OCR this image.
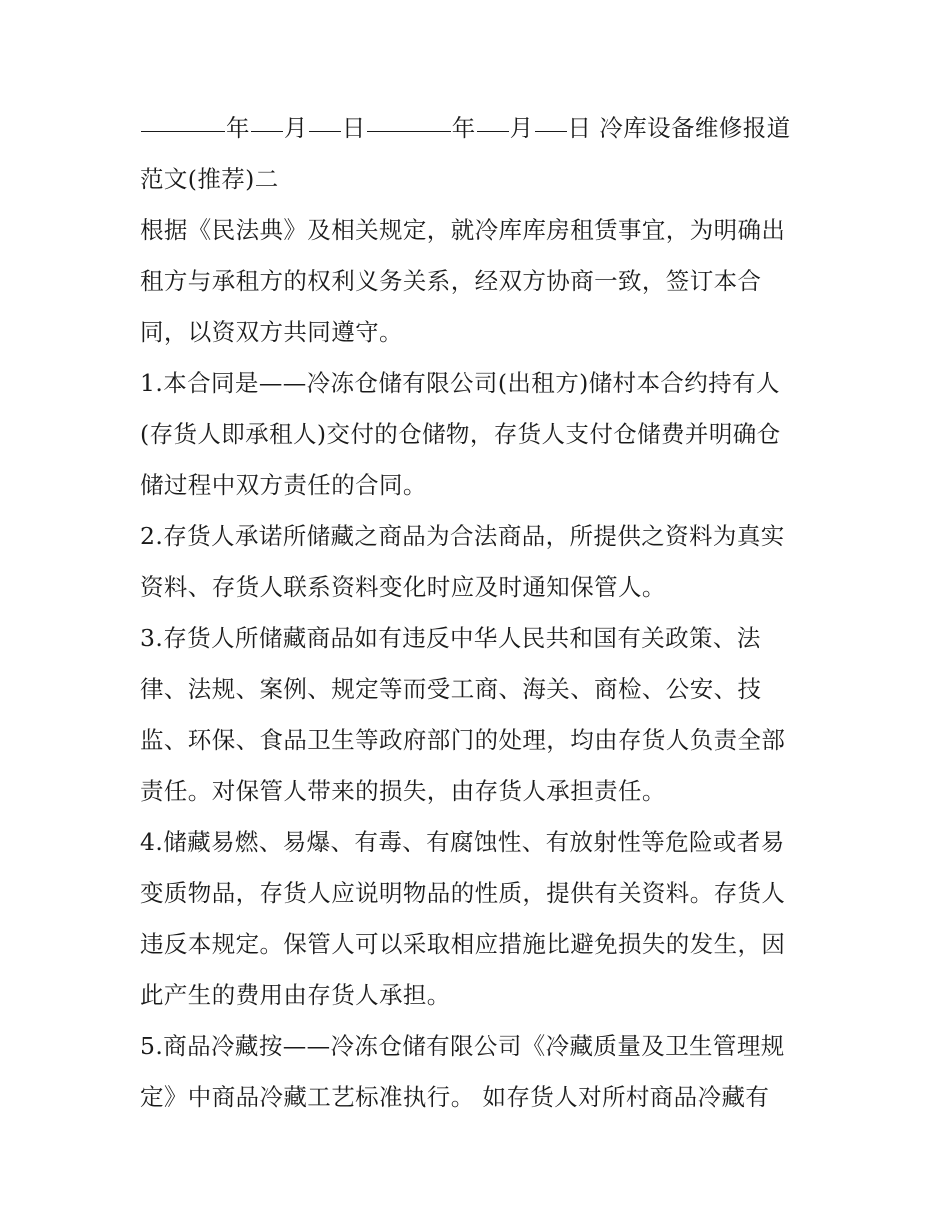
年 月 日	年 月 日 冷库设备维修报道
范文(推荐)二
根据《民法典》及相关规定，就冷库库房租赁事宜，为明确出
租方与承租方的权利义务关系，经双方协商一致，签订本合
同，以资双方共同遵守。
1.本合同是——冷冻仓储有限公司(出租方)储村本合约持有人
(存货人即承租人)交付的仓储物，存货人支付仓储费并明确仓
储过程中双方责任的合同。
2.存货人承诺所储藏之商品为合法商品，所提供之资料为真实
资料、存货人联系资料变化时应及时通知保管人。
3.存货人所储藏商品如有违反中华人民共和国有关政策、法
律、法规、案例、规定等而受工商、海关、商检、公安、技
监、环保、食品卫生等政府部门的处理，均由存货人负责全部
责任。对保管人带来的损失，由存货人承担责任。
4.储藏易燃、易爆、有毒、有腐蚀性、有放射性等危险或者易
变质物品，存货人应说明物品的性质，提供有关资料。存货人
违反本规定。保管人可以采取相应措施比避免损失的发生，因
此产生的费用由存货人承担。
5.商品冷藏按——冷冻仓储有限公司《冷藏质量及卫生管理规
定》中商品冷藏工艺标准执行。 如存货人对所村商品冷藏有
